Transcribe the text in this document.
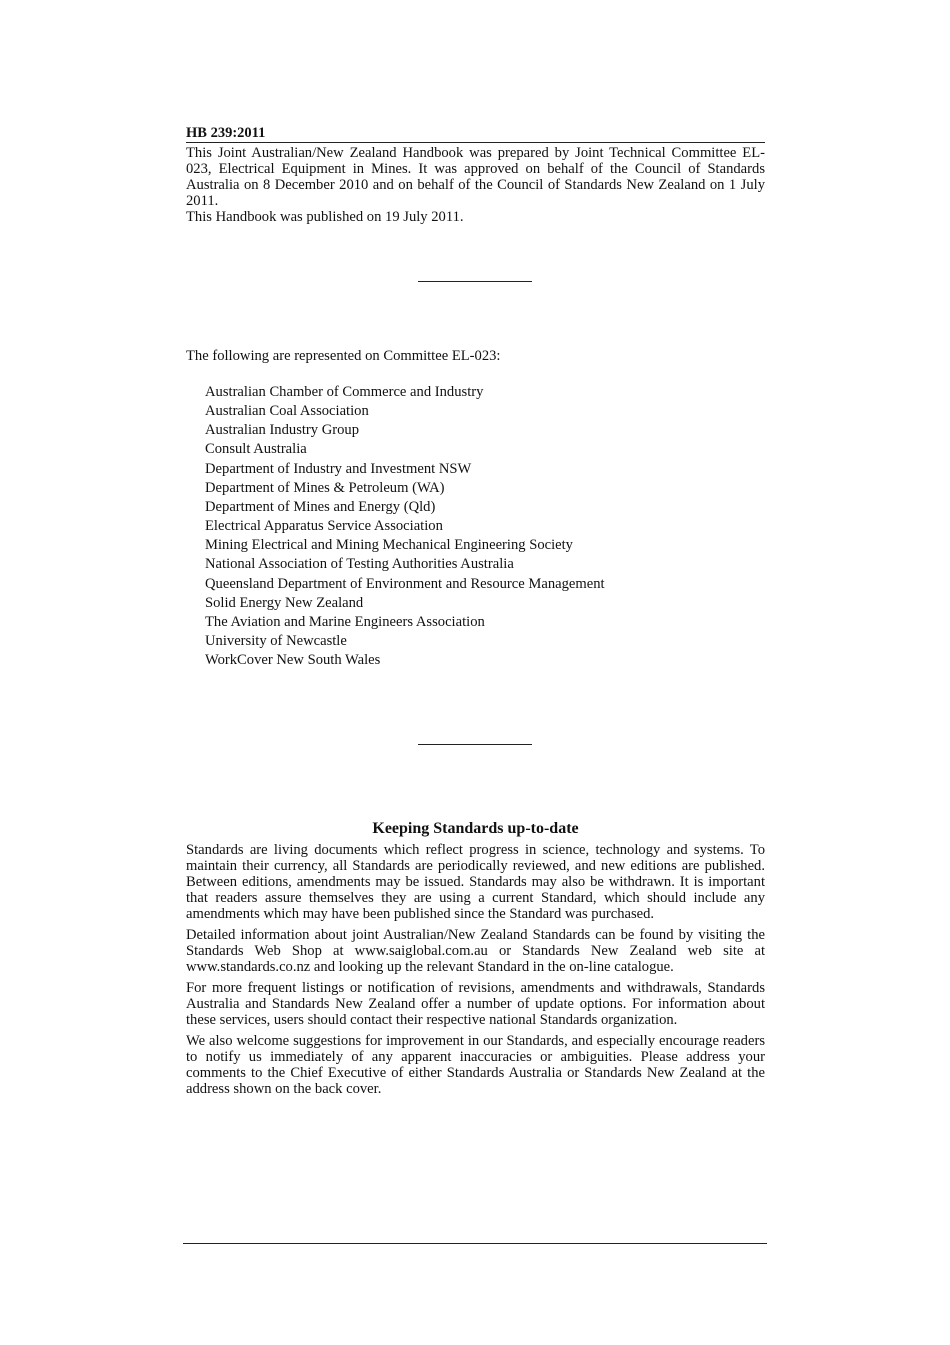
HB 239:2011

This Joint Australian/New Zealand Handbook was prepared by Joint Technical Committee EL-023, Electrical Equipment in Mines. It was approved on behalf of the Council of Standards Australia on 8 December 2010 and on behalf of the Council of Standards New Zealand on 1 July 2011.

This Handbook was published on 19 July 2011.

The following are represented on Committee EL-023:

Australian Chamber of Commerce and Industry
Australian Coal Association
Australian Industry Group
Consult Australia
Department of Industry and Investment NSW
Department of Mines & Petroleum (WA)
Department of Mines and Energy (Qld)
Electrical Apparatus Service Association
Mining Electrical and Mining Mechanical Engineering Society
National Association of Testing Authorities Australia
Queensland Department of Environment and Resource Management
Solid Energy New Zealand
The Aviation and Marine Engineers Association
University of Newcastle
WorkCover New South Wales
Keeping Standards up-to-date

Standards are living documents which reflect progress in science, technology and systems. To maintain their currency, all Standards are periodically reviewed, and new editions are published. Between editions, amendments may be issued. Standards may also be withdrawn. It is important that readers assure themselves they are using a current Standard, which should include any amendments which may have been published since the Standard was purchased.

Detailed information about joint Australian/New Zealand Standards can be found by visiting the Standards Web Shop at www.saiglobal.com.au or Standards New Zealand web site at www.standards.co.nz and looking up the relevant Standard in the on-line catalogue.

For more frequent listings or notification of revisions, amendments and withdrawals, Standards Australia and Standards New Zealand offer a number of update options. For information about these services, users should contact their respective national Standards organization.

We also welcome suggestions for improvement in our Standards, and especially encourage readers to notify us immediately of any apparent inaccuracies or ambiguities. Please address your comments to the Chief Executive of either Standards Australia or Standards New Zealand at the address shown on the back cover.
